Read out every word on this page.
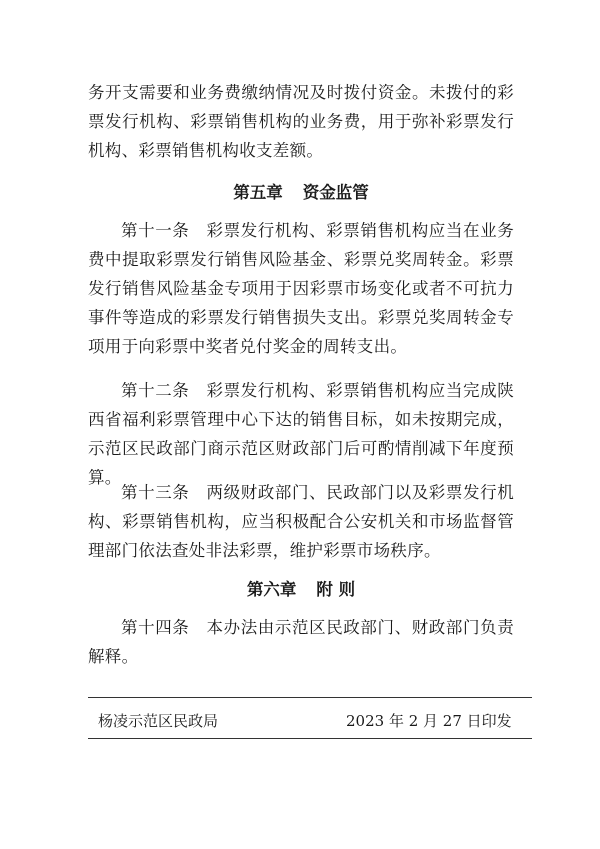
务开支需要和业务费缴纳情况及时拨付资金。未拨付的彩票发行机构、彩票销售机构的业务费，用于弥补彩票发行机构、彩票销售机构收支差额。

第五章 资金监管

第十一条　彩票发行机构、彩票销售机构应当在业务费中提取彩票发行销售风险基金、彩票兑奖周转金。彩票发行销售风险基金专项用于因彩票市场变化或者不可抗力事件等造成的彩票发行销售损失支出。彩票兑奖周转金专项用于向彩票中奖者兑付奖金的周转支出。

第十二条　彩票发行机构、彩票销售机构应当完成陕西省福利彩票管理中心下达的销售目标，如未按期完成，示范区民政部门商示范区财政部门后可酌情削减下年度预算。

第十三条　两级财政部门、民政部门以及彩票发行机构、彩票销售机构，应当积极配合公安机关和市场监督管理部门依法查处非法彩票，维护彩票市场秩序。

第六章 附 则

第十四条　本办法由示范区民政部门、财政部门负责解释。

杨凌示范区民政局	2023 年 2 月 27 日印发
